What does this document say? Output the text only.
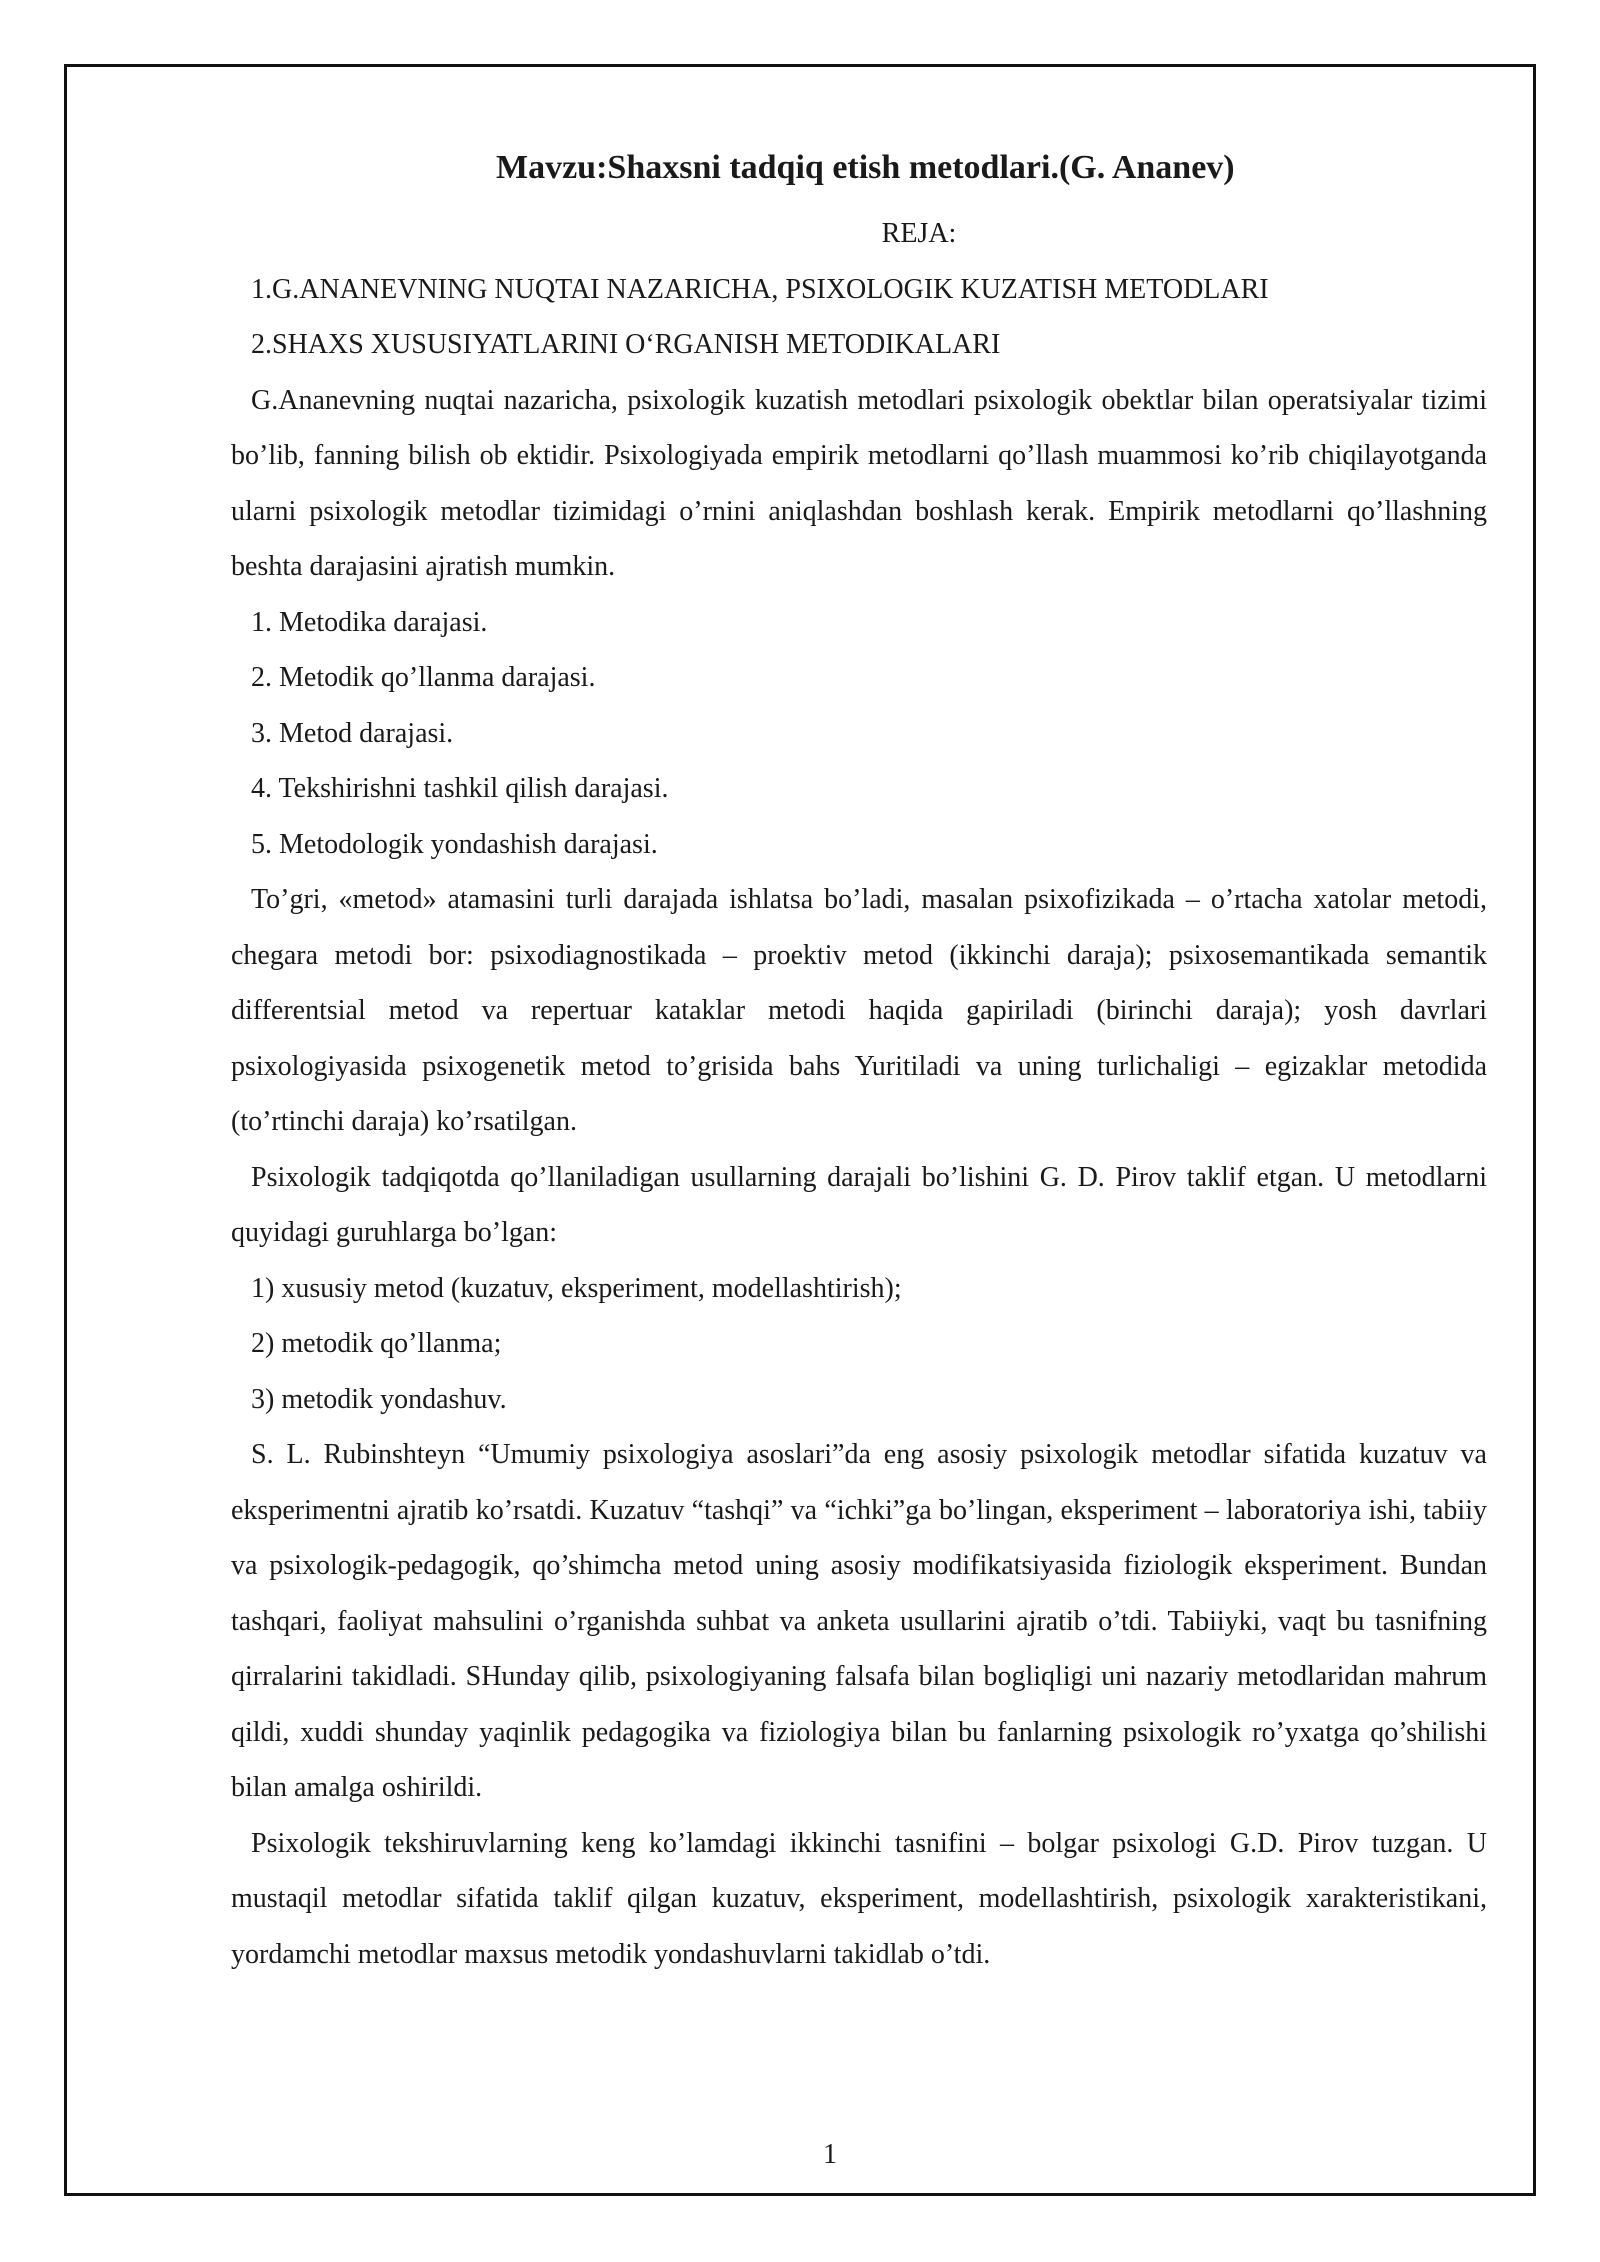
Mavzu:Shaxsni tadqiq etish metodlari.(G. Ananev)

REJA:

1.G.ANANEVNING NUQTAI NAZARICHA, PSIXOLOGIK KUZATISH METODLARI

2.SHAXS XUSUSIYATLARINI O‘RGANISH METODIKALARI

G.Ananevning nuqtai nazaricha, psixologik kuzatish metodlari psixologik obektlar bilan operatsiyalar tizimi bo’lib, fanning bilish ob ektidir. Psixologiyada empirik metodlarni qo’llash muammosi ko’rib chiqilayotganda ularni psixologik metodlar tizimidagi o’rnini aniqlashdan boshlash kerak. Empirik metodlarni qo’llashning beshta darajasini ajratish mumkin.

1. Metodika darajasi.

2. Metodik qo’llanma darajasi.

3. Metod darajasi.

4. Tekshirishni tashkil qilish darajasi.

5. Metodologik yondashish darajasi.

To’gri, «metod» atamasini turli darajada ishlatsa bo’ladi, masalan psixofizikada – o’rtacha xatolar metodi, chegara metodi bor: psixodiagnostikada – proektiv metod (ikkinchi daraja); psixosemantikada semantik differentsial metod va repertuar kataklar metodi haqida gapiriladi (birinchi daraja); yosh davrlari psixologiyasida psixogenetik metod to’grisida bahs Yuritiladi va uning turlichaligi – egizaklar metodida (to’rtinchi daraja) ko’rsatilgan.

Psixologik tadqiqotda qo’llaniladigan usullarning darajali bo’lishini G. D. Pirov taklif etgan. U metodlarni quyidagi guruhlarga bo’lgan:

1) xususiy metod (kuzatuv, eksperiment, modellashtirish);

2) metodik qo’llanma;

3) metodik yondashuv.

S. L. Rubinshteyn “Umumiy psixologiya asoslari”da eng asosiy psixologik metodlar sifatida kuzatuv va eksperimentni ajratib ko’rsatdi. Kuzatuv “tashqi” va “ichki”ga bo’lingan, eksperiment – laboratoriya ishi, tabiiy va psixologik-pedagogik, qo’shimcha metod uning asosiy modifikatsiyasida fiziologik eksperiment. Bundan tashqari, faoliyat mahsulini o’rganishda suhbat va anketa usullarini ajratib o’tdi. Tabiiyki, vaqt bu tasnifning qirralarini takidladi. SHunday qilib, psixologiyaning falsafa bilan bogliqligi uni nazariy metodlaridan mahrum qildi, xuddi shunday yaqinlik pedagogika va fiziologiya bilan bu fanlarning psixologik ro’yxatga qo’shilishi bilan amalga oshirildi.

Psixologik tekshiruvlarning keng ko’lamdagi ikkinchi tasnifini – bolgar psixologi G.D. Pirov tuzgan. U mustaqil metodlar sifatida taklif qilgan kuzatuv, eksperiment, modellashtirish, psixologik xarakteristikani, yordamchi metodlar maxsus metodik yondashuvlarni takidlab o’tdi.

1
